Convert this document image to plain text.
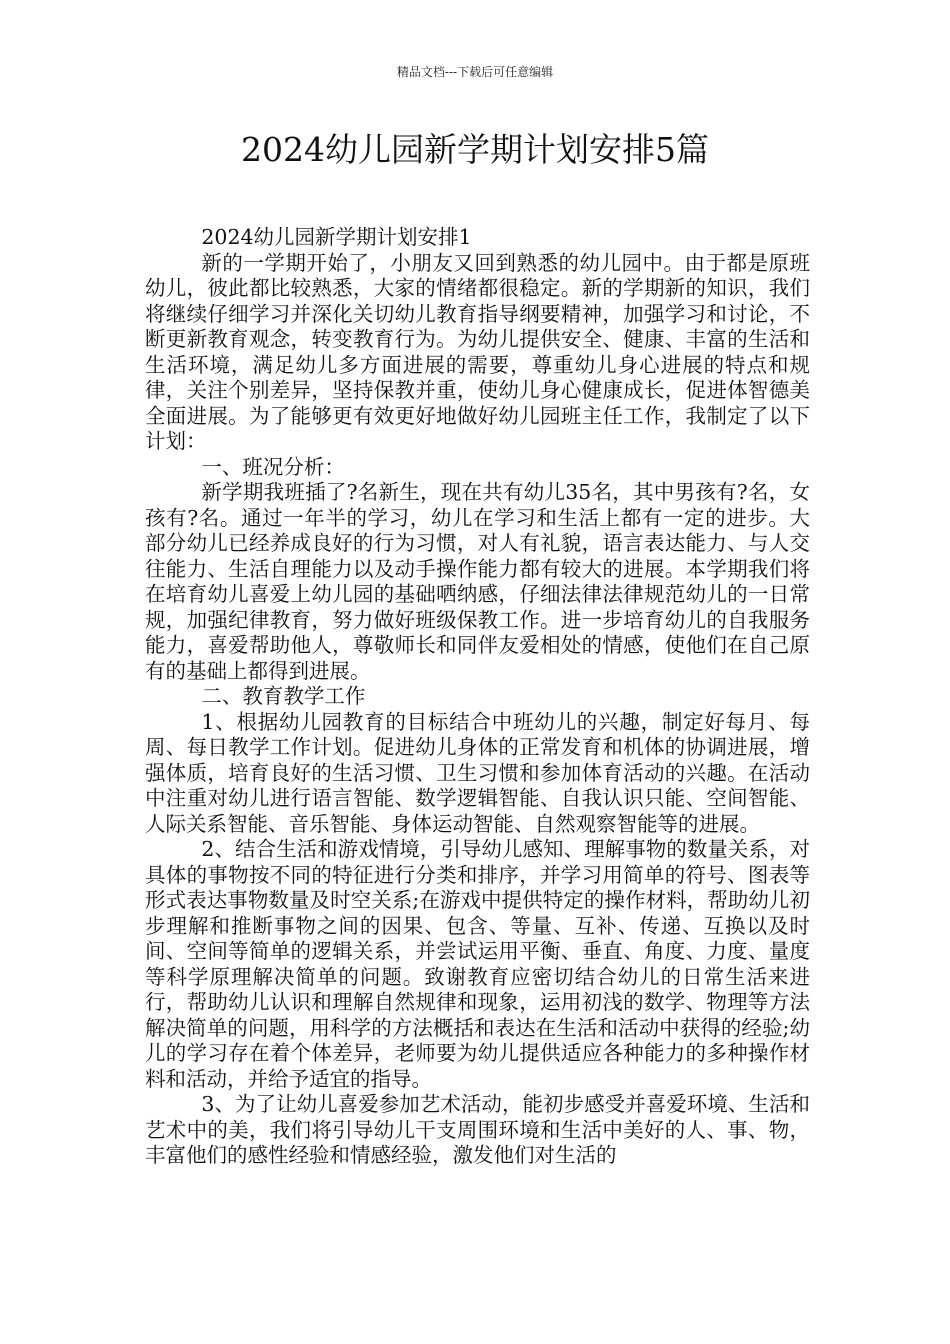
精品文档---下载后可任意编辑
2024幼儿园新学期计划安排5篇

2024幼儿园新学期计划安排1

新的一学期开始了，小朋友又回到熟悉的幼儿园中。由于都是原班幼儿，彼此都比较熟悉，大家的情绪都很稳定。新的学期新的知识，我们将继续仔细学习并深化关切幼儿教育指导纲要精神，加强学习和讨论，不断更新教育观念，转变教育行为。为幼儿提供安全、健康、丰富的生活和生活环境，满足幼儿多方面进展的需要，尊重幼儿身心进展的特点和规律，关注个别差异，坚持保教并重，使幼儿身心健康成长，促进体智德美全面进展。为了能够更有效更好地做好幼儿园班主任工作，我制定了以下计划：

一、班况分析：

新学期我班插了?名新生，现在共有幼儿35名，其中男孩有?名，女孩有?名。通过一年半的学习，幼儿在学习和生活上都有一定的进步。大部分幼儿已经养成良好的行为习惯，对人有礼貌，语言表达能力、与人交往能力、生活自理能力以及动手操作能力都有较大的进展。本学期我们将在培育幼儿喜爱上幼儿园的基础哂纳感，仔细法律法律规范幼儿的一日常规，加强纪律教育，努力做好班级保教工作。进一步培育幼儿的自我服务能力，喜爱帮助他人，尊敬师长和同伴友爱相处的情感，使他们在自己原有的基础上都得到进展。

二、教育教学工作

1、根据幼儿园教育的目标结合中班幼儿的兴趣，制定好每月、每周、每日教学工作计划。促进幼儿身体的正常发育和机体的协调进展，增强体质，培育良好的生活习惯、卫生习惯和参加体育活动的兴趣。在活动中注重对幼儿进行语言智能、数学逻辑智能、自我认识只能、空间智能、人际关系智能、音乐智能、身体运动智能、自然观察智能等的进展。

2、结合生活和游戏情境，引导幼儿感知、理解事物的数量关系，对具体的事物按不同的特征进行分类和排序，并学习用简单的符号、图表等形式表达事物数量及时空关系;在游戏中提供特定的操作材料，帮助幼儿初步理解和推断事物之间的因果、包含、等量、互补、传递、互换以及时间、空间等简单的逻辑关系，并尝试运用平衡、垂直、角度、力度、量度等科学原理解决简单的问题。致谢教育应密切结合幼儿的日常生活来进行，帮助幼儿认识和理解自然规律和现象，运用初浅的数学、物理等方法解决简单的问题，用科学的方法概括和表达在生活和活动中获得的经验;幼儿的学习存在着个体差异，老师要为幼儿提供适应各种能力的多种操作材料和活动，并给予适宜的指导。

3、为了让幼儿喜爱参加艺术活动，能初步感受并喜爱环境、生活和艺术中的美，我们将引导幼儿干支周围环境和生活中美好的人、事、物，丰富他们的感性经验和情感经验，激发他们对生活的
